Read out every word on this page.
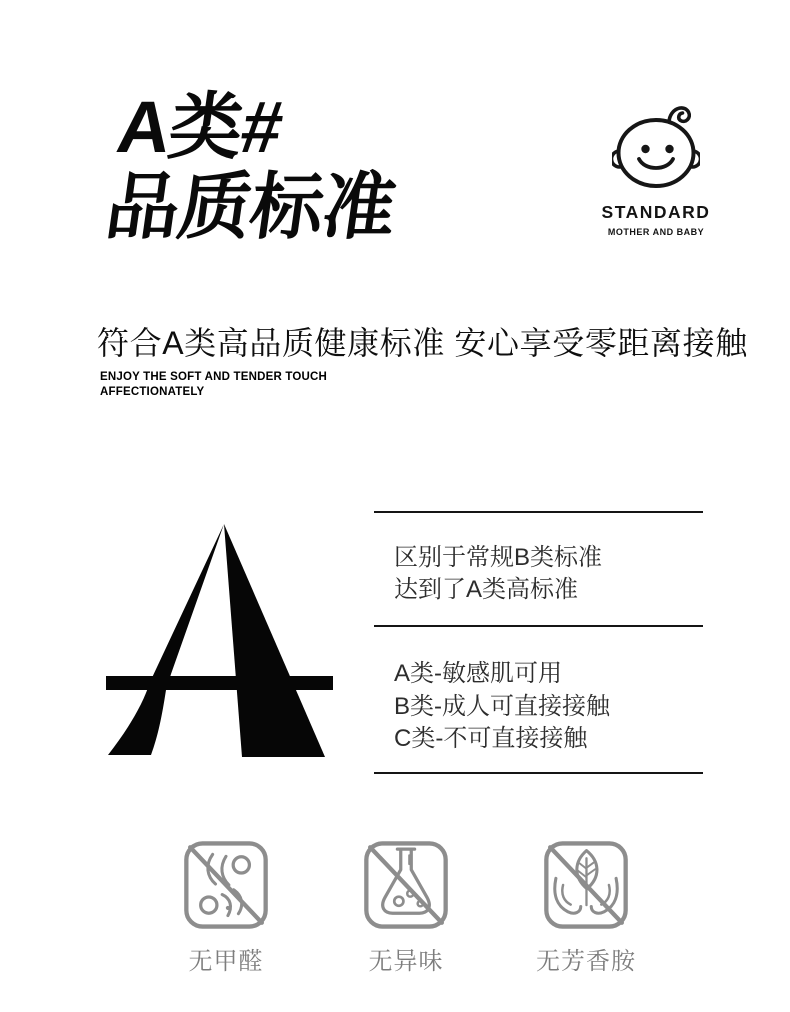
A类#
品质标准	STANDARD
MOTHER AND BABY
符合A类高品质健康标准 安心享受零距离接触
ENJOY THE SOFT AND TENDER TOUCH
AFFECTIONATELY
区别于常规B类标准
达到了A类高标准
A类-敏感肌可用
B类-成人可直接接触
C类-不可直接接触
无甲醛	无异味	无芳香胺
